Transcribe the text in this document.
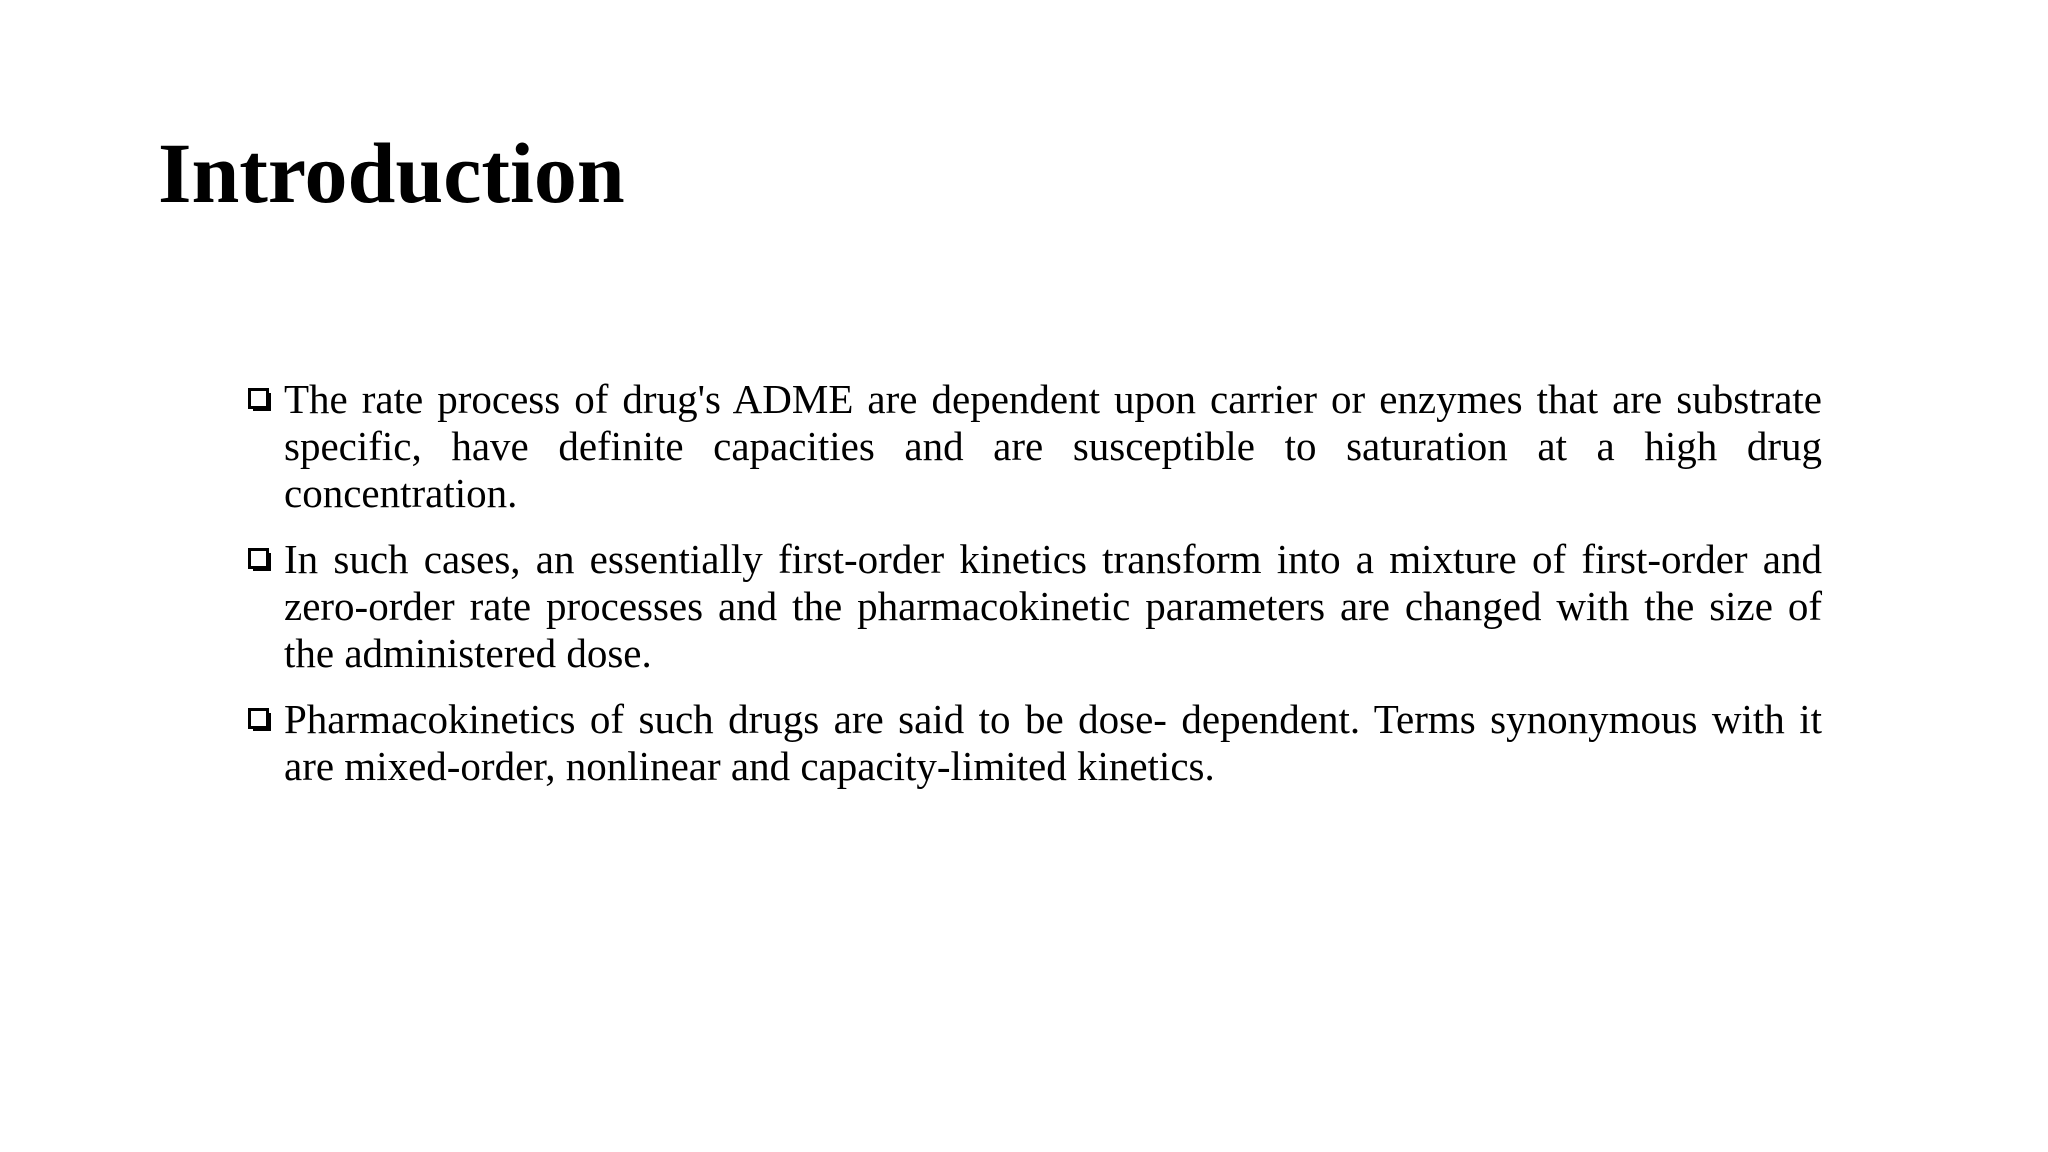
Introduction
The rate process of drug's ADME are dependent upon carrier or enzymes that are substrate specific, have definite capacities and are susceptible to saturation at a high drug concentration.
In such cases, an essentially first-order kinetics transform into a mixture of first-order and zero-order rate processes and the pharmacokinetic parameters are changed with the size of the administered dose.
Pharmacokinetics of such drugs are said to be dose- dependent. Terms synonymous with it are mixed-order, nonlinear and capacity-limited kinetics.
